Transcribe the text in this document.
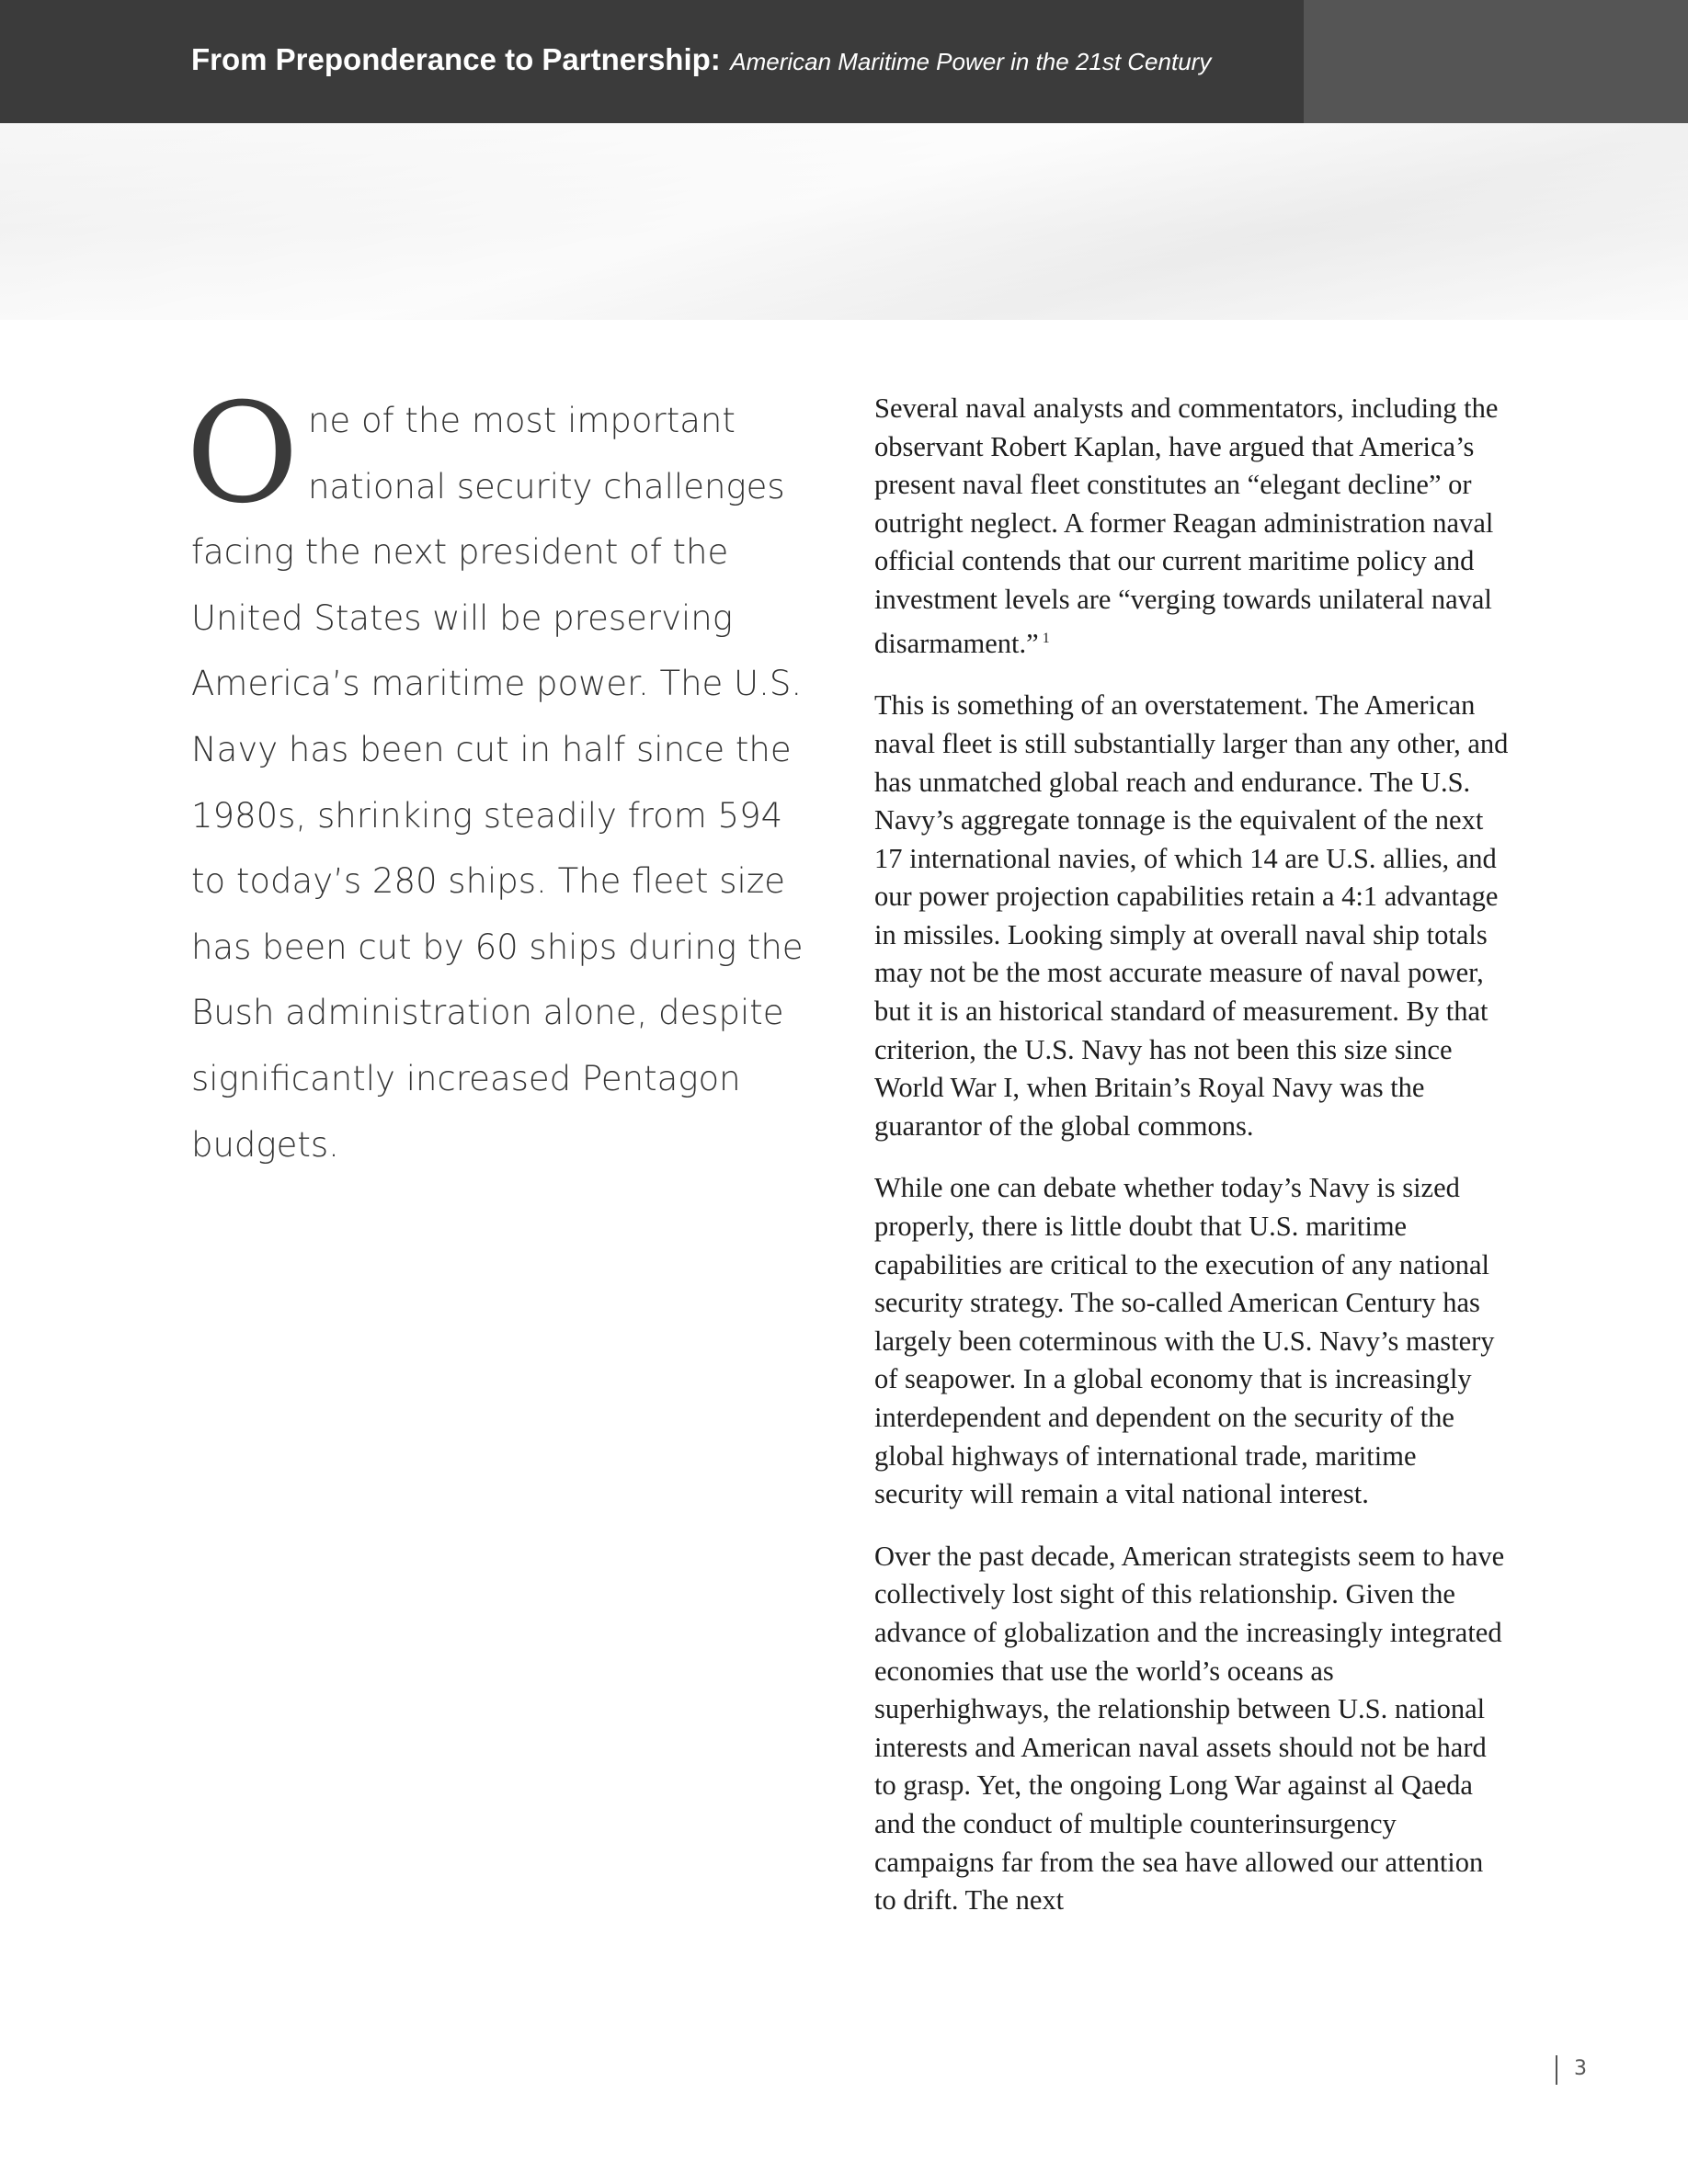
From Preponderance to Partnership: American Maritime Power in the 21st Century
One of the most important national security challenges facing the next president of the United States will be preserving America’s maritime power. The U.S. Navy has been cut in half since the 1980s, shrinking steadily from 594 to today’s 280 ships. The fleet size has been cut by 60 ships during the Bush administration alone, despite significantly increased Pentagon budgets.

Several naval analysts and commentators, including the observant Robert Kaplan, have argued that America’s present naval fleet constitutes an “elegant decline” or outright neglect. A former Reagan administration naval official contends that our current maritime policy and investment levels are “verging towards unilateral naval disarmament.” $^1$

This is something of an overstatement. The American naval fleet is still substantially larger than any other, and has unmatched global reach and endurance. The U.S. Navy’s aggregate tonnage is the equivalent of the next 17 international navies, of which 14 are U.S. allies, and our power projection capabilities retain a 4:1 advantage in missiles. Looking simply at overall naval ship totals may not be the most accurate measure of naval power, but it is an historical standard of measurement. By that criterion, the U.S. Navy has not been this size since World War I, when Britain’s Royal Navy was the guarantor of the global commons.

While one can debate whether today’s Navy is sized properly, there is little doubt that U.S. maritime capabilities are critical to the execution of any national security strategy. The so-called American Century has largely been coterminous with the U.S. Navy’s mastery of seapower. In a global economy that is increasingly interdependent and dependent on the security of the global highways of international trade, maritime security will remain a vital national interest.

Over the past decade, American strategists seem to have collectively lost sight of this relationship. Given the advance of globalization and the increasingly integrated economies that use the world’s oceans as superhighways, the relationship between U.S. national interests and American naval assets should not be hard to grasp. Yet, the ongoing Long War against al Qaeda and the conduct of multiple counterinsurgency campaigns far from the sea have allowed our attention to drift. The next

3
